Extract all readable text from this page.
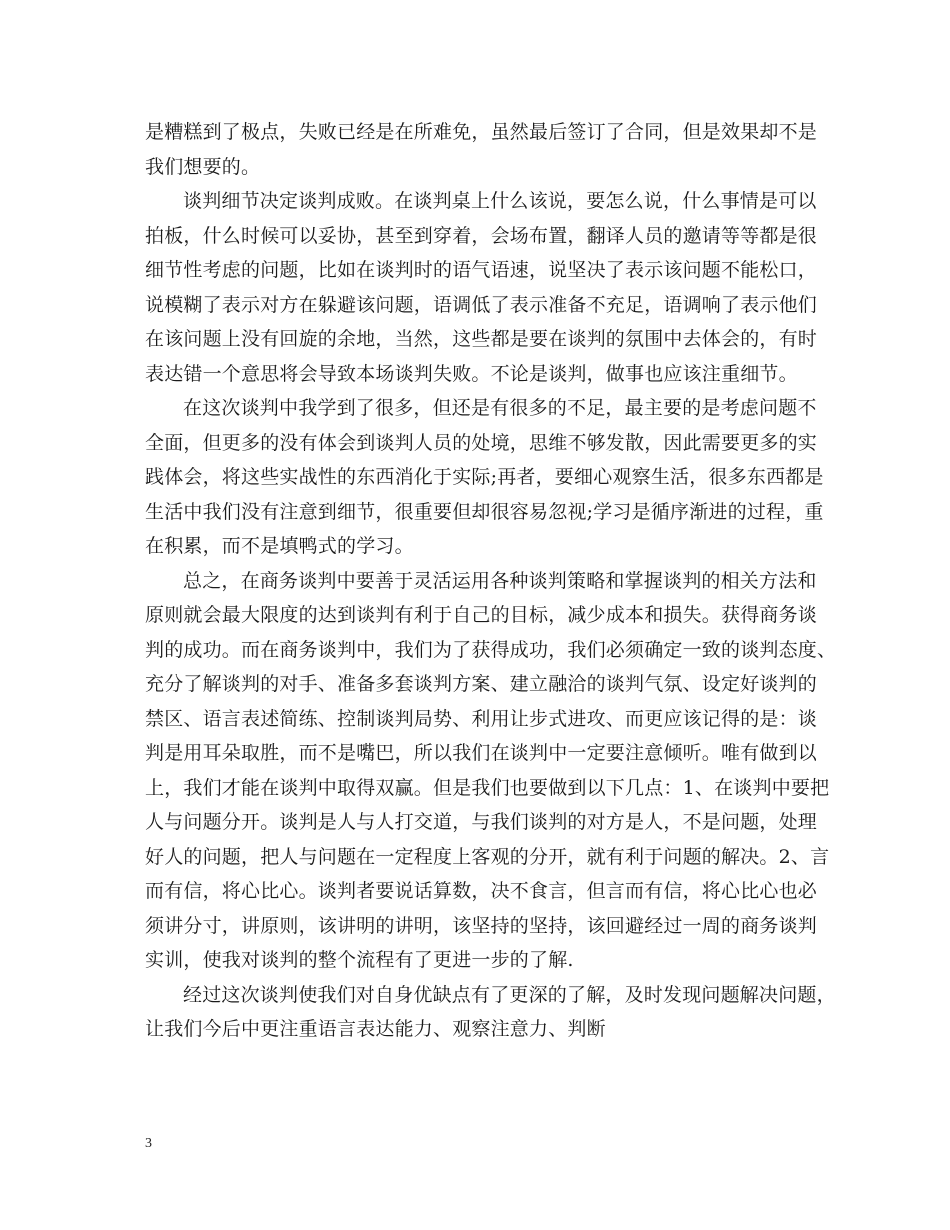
是糟糕到了极点，失败已经是在所难免，虽然最后签订了合同，但是效果却不是
我们想要的。
谈判细节决定谈判成败。在谈判桌上什么该说，要怎么说，什么事情是可以
拍板，什么时候可以妥协，甚至到穿着，会场布置，翻译人员的邀请等等都是很
细节性考虑的问题，比如在谈判时的语气语速，说坚决了表示该问题不能松口，
说模糊了表示对方在躲避该问题，语调低了表示准备不充足，语调响了表示他们
在该问题上没有回旋的余地，当然，这些都是要在谈判的氛围中去体会的，有时
表达错一个意思将会导致本场谈判失败。不论是谈判，做事也应该注重细节。
在这次谈判中我学到了很多，但还是有很多的不足，最主要的是考虑问题不
全面，但更多的没有体会到谈判人员的处境，思维不够发散，因此需要更多的实
践体会，将这些实战性的东西消化于实际;再者，要细心观察生活，很多东西都是
生活中我们没有注意到细节，很重要但却很容易忽视;学习是循序渐进的过程，重
在积累，而不是填鸭式的学习。
总之，在商务谈判中要善于灵活运用各种谈判策略和掌握谈判的相关方法和
原则就会最大限度的达到谈判有利于自己的目标，减少成本和损失。获得商务谈
判的成功。而在商务谈判中，我们为了获得成功，我们必须确定一致的谈判态度、
充分了解谈判的对手、准备多套谈判方案、建立融洽的谈判气氛、设定好谈判的
禁区、语言表述简练、控制谈判局势、利用让步式进攻、而更应该记得的是：谈
判是用耳朵取胜，而不是嘴巴，所以我们在谈判中一定要注意倾听。唯有做到以
上，我们才能在谈判中取得双赢。但是我们也要做到以下几点：1、在谈判中要把
人与问题分开。谈判是人与人打交道，与我们谈判的对方是人，不是问题，处理
好人的问题，把人与问题在一定程度上客观的分开，就有利于问题的解决。2、言
而有信，将心比心。谈判者要说话算数，决不食言，但言而有信，将心比心也必
须讲分寸，讲原则，该讲明的讲明，该坚持的坚持，该回避经过一周的商务谈判
实训，使我对谈判的整个流程有了更进一步的了解.
经过这次谈判使我们对自身优缺点有了更深的了解，及时发现问题解决问题，
让我们今后中更注重语言表达能力、观察注意力、判断
3
